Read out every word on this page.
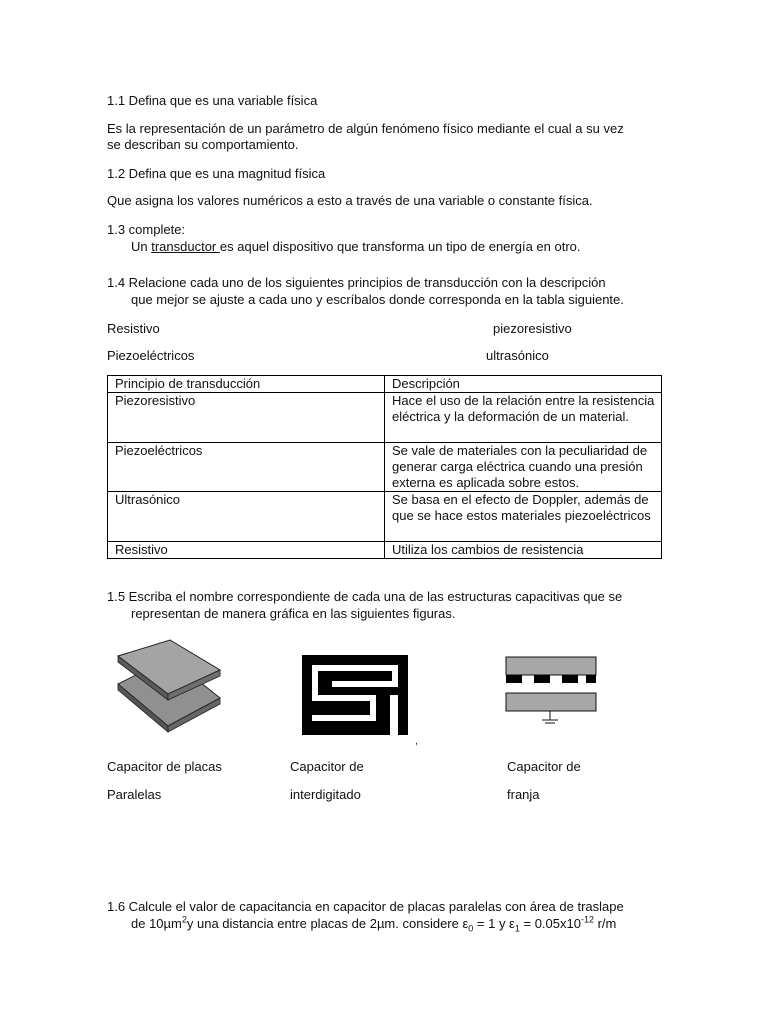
1.1 Defina que es una variable física
Es la representación de un parámetro de algún fenómeno físico mediante el cual a su vez
se describan su comportamiento.
1.2 Defina que es una magnitud física
Que asigna los valores numéricos a esto a través de una variable o constante física.
1.3 complete:
Un transductor es aquel dispositivo que transforma un tipo de energía en otro.
1.4 Relacione cada uno de los siguientes principios de transducción con la descripción
que mejor se ajuste a cada uno y escríbalos donde corresponda en la tabla siguiente.
Resistivo	piezoresistivo
Piezoeléctricos	ultrasónico
Principio de transducción	Descripción
Piezoresistivo	Hace el uso de la relación entre la resistencia eléctrica y la deformación de un material.
Piezoeléctricos	Se vale de materiales con la peculiaridad de generar carga eléctrica cuando una presión externa es aplicada sobre estos.
Ultrasónico	Se basa en el efecto de Doppler, además de que se hace estos materiales piezoeléctricos
Resistivo	Utiliza los cambios de resistencia
1.5 Escriba el nombre correspondiente de cada una de las estructuras capacitivas que se
representan de manera gráfica en las siguientes figuras.
,
Capacitor de placas
Paralelas
Capacitor de
interdigitado
Capacitor de
franja
1.6 Calcule el valor de capacitancia en capacitor de placas paralelas con área de traslape
de 10µm$^2$y una distancia entre placas de 2µm. considere $\varepsilon_0 = 1$ y $\varepsilon_1 = 0.05x10^{-12}$ r/m
